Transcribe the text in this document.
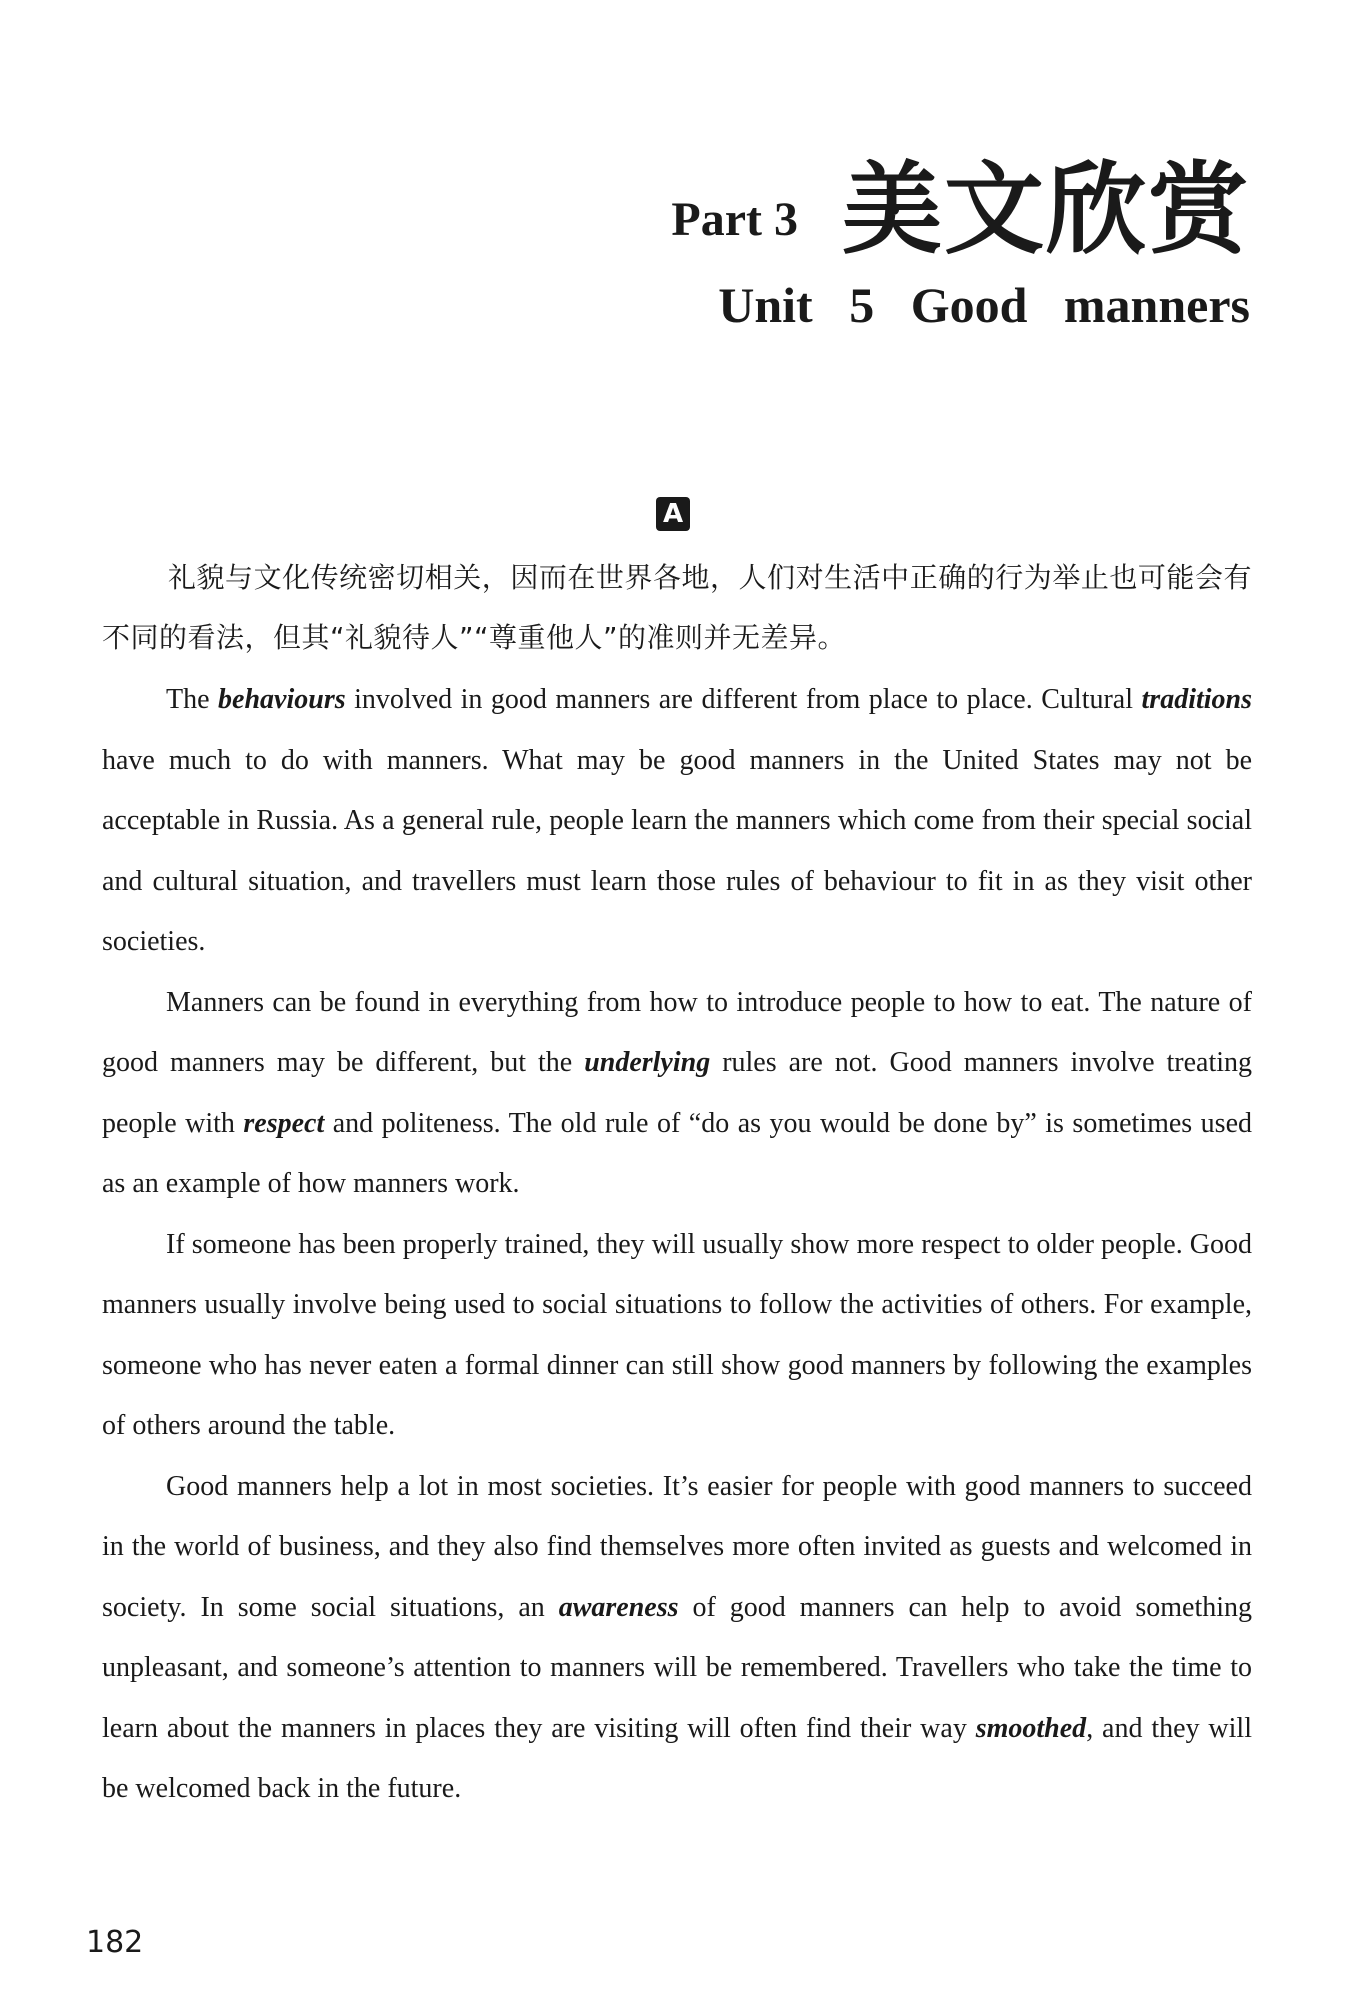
Part 3 美文欣赏
Unit 5 Good manners
A

礼貌与文化传统密切相关，因而在世界各地，人们对生活中正确的行为举止也可能会有不同的看法，但其“礼貌待人”“尊重他人”的准则并无差异。

The behaviours involved in good manners are different from place to place. Cultural traditions have much to do with manners. What may be good manners in the United States may not be acceptable in Russia. As a general rule, people learn the manners which come from their special social and cultural situation, and travellers must learn those rules of behaviour to fit in as they visit other societies.

Manners can be found in everything from how to introduce people to how to eat. The nature of good manners may be different, but the underlying rules are not. Good manners involve treating people with respect and politeness. The old rule of “do as you would be done by” is sometimes used as an example of how manners work.

If someone has been properly trained, they will usually show more respect to older people. Good manners usually involve being used to social situations to follow the activities of others. For example, someone who has never eaten a formal dinner can still show good manners by following the examples of others around the table.

Good manners help a lot in most societies. It’s easier for people with good manners to succeed in the world of business, and they also find themselves more often invited as guests and welcomed in society. In some social situations, an awareness of good manners can help to avoid something unpleasant, and someone’s attention to manners will be remembered. Travellers who take the time to learn about the manners in places they are visiting will often find their way smoothed, and they will be welcomed back in the future.

182
